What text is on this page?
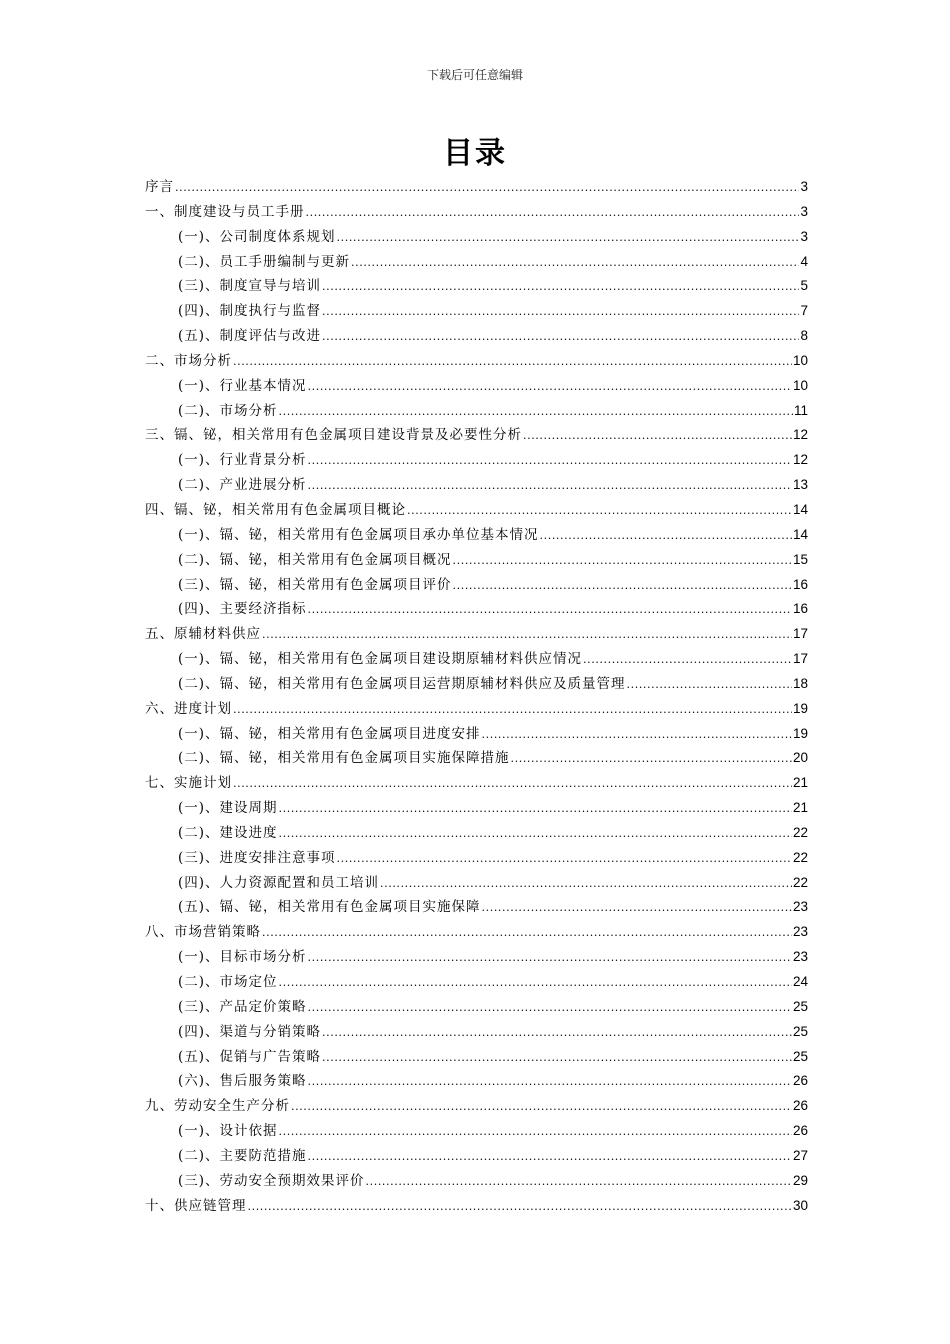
下载后可任意编辑
目录
序言 .....	3
一、制度建设与员工手册 .....	3
(一)、公司制度体系规划 .....	3
(二)、员工手册编制与更新 .....	4
(三)、制度宣导与培训 .....	5
(四)、制度执行与监督 .....	7
(五)、制度评估与改进 .....	8
二、市场分析 .....	10
(一)、行业基本情况 .....	10
(二)、市场分析 .....	11
三、镉、铋，相关常用有色金属项目建设背景及必要性分析 .....	12
(一)、行业背景分析 .....	12
(二)、产业进展分析 .....	13
四、镉、铋，相关常用有色金属项目概论 .....	14
(一)、镉、铋，相关常用有色金属项目承办单位基本情况 .....	14
(二)、镉、铋，相关常用有色金属项目概况 .....	15
(三)、镉、铋，相关常用有色金属项目评价 .....	16
(四)、主要经济指标 .....	16
五、原辅材料供应 .....	17
(一)、镉、铋，相关常用有色金属项目建设期原辅材料供应情况 .....	17
(二)、镉、铋，相关常用有色金属项目运营期原辅材料供应及质量管理 .....	18
六、进度计划 .....	19
(一)、镉、铋，相关常用有色金属项目进度安排 .....	19
(二)、镉、铋，相关常用有色金属项目实施保障措施 .....	20
七、实施计划 .....	21
(一)、建设周期 .....	21
(二)、建设进度 .....	22
(三)、进度安排注意事项 .....	22
(四)、人力资源配置和员工培训 .....	22
(五)、镉、铋，相关常用有色金属项目实施保障 .....	23
八、市场营销策略 .....	23
(一)、目标市场分析 .....	23
(二)、市场定位 .....	24
(三)、产品定价策略 .....	25
(四)、渠道与分销策略 .....	25
(五)、促销与广告策略 .....	25
(六)、售后服务策略 .....	26
九、劳动安全生产分析 .....	26
(一)、设计依据 .....	26
(二)、主要防范措施 .....	27
(三)、劳动安全预期效果评价 .....	29
十、供应链管理 .....	30
